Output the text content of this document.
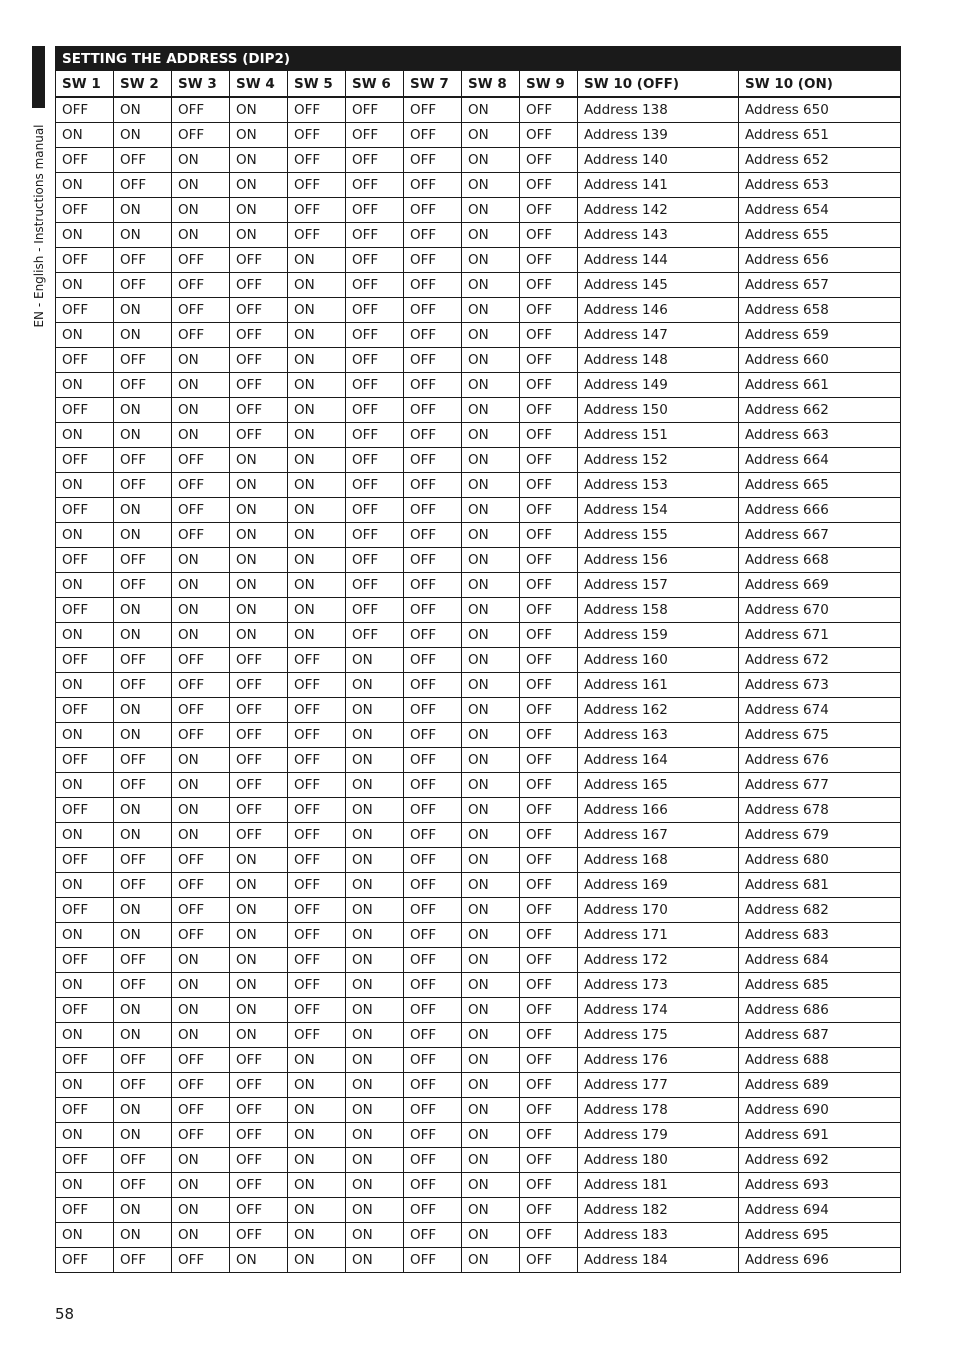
EN - English - Instructions manual
SETTING THE ADDRESS (DIP2)										
SW 1	SW 2	SW 3	SW 4	SW 5	SW 6	SW 7	SW 8	SW 9	SW 10 (OFF)	SW 10 (ON)
OFF	ON	OFF	ON	OFF	OFF	OFF	ON	OFF	Address 138	Address 650
ON	ON	OFF	ON	OFF	OFF	OFF	ON	OFF	Address 139	Address 651
OFF	OFF	ON	ON	OFF	OFF	OFF	ON	OFF	Address 140	Address 652
ON	OFF	ON	ON	OFF	OFF	OFF	ON	OFF	Address 141	Address 653
OFF	ON	ON	ON	OFF	OFF	OFF	ON	OFF	Address 142	Address 654
ON	ON	ON	ON	OFF	OFF	OFF	ON	OFF	Address 143	Address 655
OFF	OFF	OFF	OFF	ON	OFF	OFF	ON	OFF	Address 144	Address 656
ON	OFF	OFF	OFF	ON	OFF	OFF	ON	OFF	Address 145	Address 657
OFF	ON	OFF	OFF	ON	OFF	OFF	ON	OFF	Address 146	Address 658
ON	ON	OFF	OFF	ON	OFF	OFF	ON	OFF	Address 147	Address 659
OFF	OFF	ON	OFF	ON	OFF	OFF	ON	OFF	Address 148	Address 660
ON	OFF	ON	OFF	ON	OFF	OFF	ON	OFF	Address 149	Address 661
OFF	ON	ON	OFF	ON	OFF	OFF	ON	OFF	Address 150	Address 662
ON	ON	ON	OFF	ON	OFF	OFF	ON	OFF	Address 151	Address 663
OFF	OFF	OFF	ON	ON	OFF	OFF	ON	OFF	Address 152	Address 664
ON	OFF	OFF	ON	ON	OFF	OFF	ON	OFF	Address 153	Address 665
OFF	ON	OFF	ON	ON	OFF	OFF	ON	OFF	Address 154	Address 666
ON	ON	OFF	ON	ON	OFF	OFF	ON	OFF	Address 155	Address 667
OFF	OFF	ON	ON	ON	OFF	OFF	ON	OFF	Address 156	Address 668
ON	OFF	ON	ON	ON	OFF	OFF	ON	OFF	Address 157	Address 669
OFF	ON	ON	ON	ON	OFF	OFF	ON	OFF	Address 158	Address 670
ON	ON	ON	ON	ON	OFF	OFF	ON	OFF	Address 159	Address 671
OFF	OFF	OFF	OFF	OFF	ON	OFF	ON	OFF	Address 160	Address 672
ON	OFF	OFF	OFF	OFF	ON	OFF	ON	OFF	Address 161	Address 673
OFF	ON	OFF	OFF	OFF	ON	OFF	ON	OFF	Address 162	Address 674
ON	ON	OFF	OFF	OFF	ON	OFF	ON	OFF	Address 163	Address 675
OFF	OFF	ON	OFF	OFF	ON	OFF	ON	OFF	Address 164	Address 676
ON	OFF	ON	OFF	OFF	ON	OFF	ON	OFF	Address 165	Address 677
OFF	ON	ON	OFF	OFF	ON	OFF	ON	OFF	Address 166	Address 678
ON	ON	ON	OFF	OFF	ON	OFF	ON	OFF	Address 167	Address 679
OFF	OFF	OFF	ON	OFF	ON	OFF	ON	OFF	Address 168	Address 680
ON	OFF	OFF	ON	OFF	ON	OFF	ON	OFF	Address 169	Address 681
OFF	ON	OFF	ON	OFF	ON	OFF	ON	OFF	Address 170	Address 682
ON	ON	OFF	ON	OFF	ON	OFF	ON	OFF	Address 171	Address 683
OFF	OFF	ON	ON	OFF	ON	OFF	ON	OFF	Address 172	Address 684
ON	OFF	ON	ON	OFF	ON	OFF	ON	OFF	Address 173	Address 685
OFF	ON	ON	ON	OFF	ON	OFF	ON	OFF	Address 174	Address 686
ON	ON	ON	ON	OFF	ON	OFF	ON	OFF	Address 175	Address 687
OFF	OFF	OFF	OFF	ON	ON	OFF	ON	OFF	Address 176	Address 688
ON	OFF	OFF	OFF	ON	ON	OFF	ON	OFF	Address 177	Address 689
OFF	ON	OFF	OFF	ON	ON	OFF	ON	OFF	Address 178	Address 690
ON	ON	OFF	OFF	ON	ON	OFF	ON	OFF	Address 179	Address 691
OFF	OFF	ON	OFF	ON	ON	OFF	ON	OFF	Address 180	Address 692
ON	OFF	ON	OFF	ON	ON	OFF	ON	OFF	Address 181	Address 693
OFF	ON	ON	OFF	ON	ON	OFF	ON	OFF	Address 182	Address 694
ON	ON	ON	OFF	ON	ON	OFF	ON	OFF	Address 183	Address 695
OFF	OFF	OFF	ON	ON	ON	OFF	ON	OFF	Address 184	Address 696
58
